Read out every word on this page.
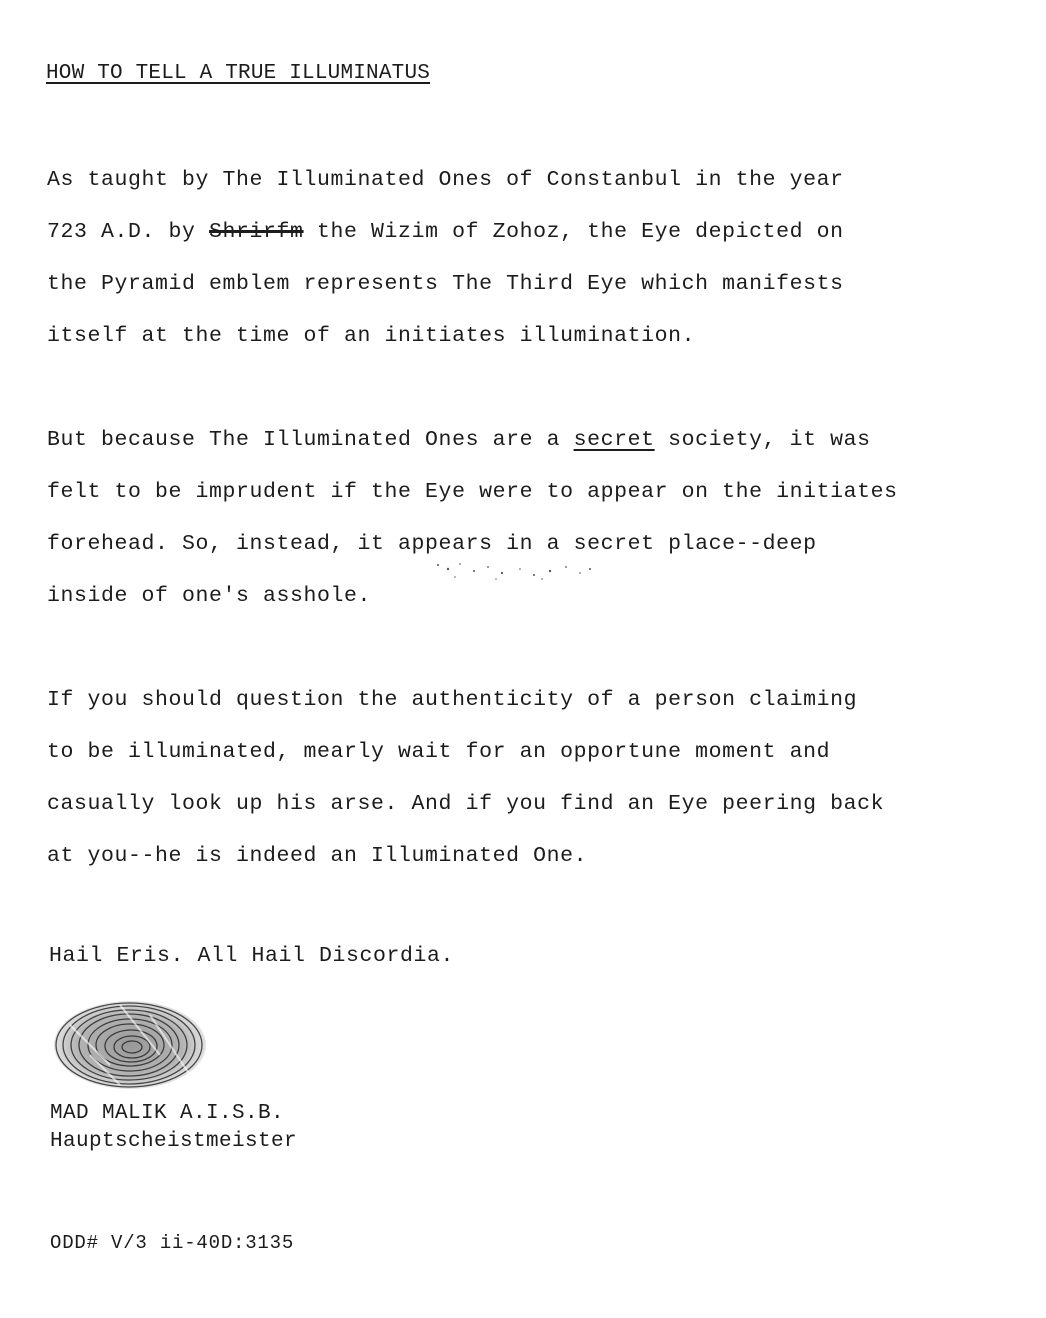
HOW TO TELL A TRUE ILLUMINATUS
As taught by The Illuminated Ones of Constanbul in the year
723 A.D. by Shrirfm the Wizim of Zohoz, the Eye depicted on
the Pyramid emblem represents The Third Eye which manifests
itself at the time of an initiates illumination.
But because The Illuminated Ones are a secret society, it was
felt to be imprudent if the Eye were to appear on the initiates
forehead. So, instead, it appears in a secret place--deep
inside of one's asshole.
If you should question the authenticity of a person claiming
to be illuminated, mearly wait for an opportune moment and
casually look up his arse. And if you find an Eye peering back
at you--he is indeed an Illuminated One.
Hail Eris. All Hail Discordia.
MAD MALIK A.I.S.B.
Hauptscheistmeister
ODD# V/3 ii-40D:3135
